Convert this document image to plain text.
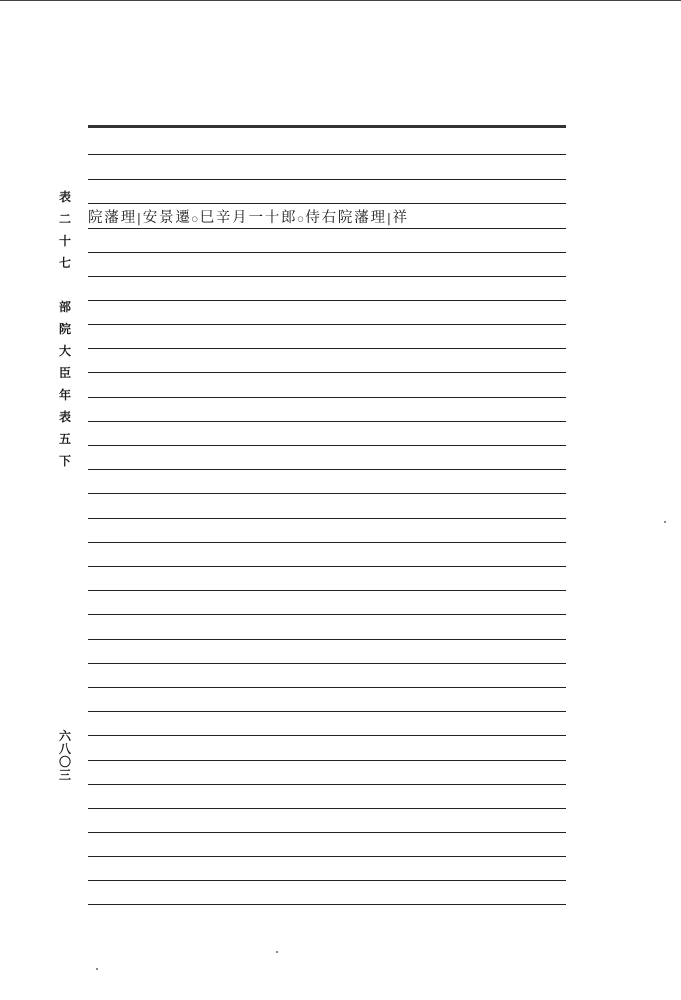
表
二
十
七

部
院
大
臣
年
表
五
下
六
八
〇
三
院藩理|安景遷○巳辛月一十郎○侍右院藩理|祥
